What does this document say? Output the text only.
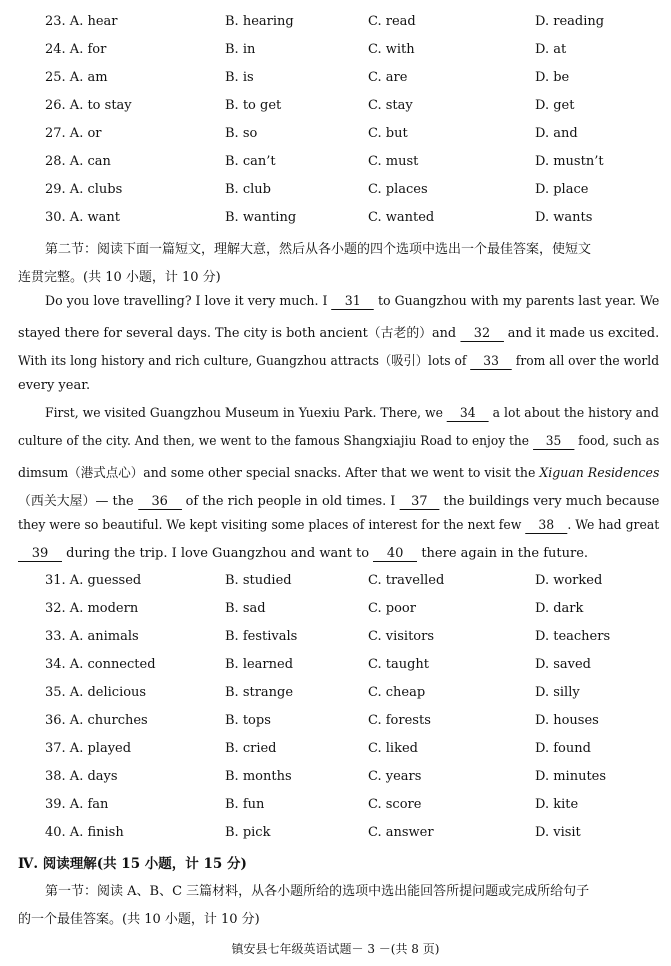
23. A. hear	B. hearing	C. read	D. reading
24. A. for	B. in	C. with	D. at
25. A. am	B. is	C. are	D. be
26. A. to stay	B. to get	C. stay	D. get
27. A. or	B. so	C. but	D. and
28. A. can	B. can’t	C. must	D. mustn’t
29. A. clubs	B. club	C. places	D. place
30. A. want	B. wanting	C. wanted	D. wants
第二节：阅读下面一篇短文，理解大意，然后从各小题的四个选项中选出一个最佳答案，使短文
连贯完整。(共 10 小题，计 10 分)
Do you love travelling? I love it very much. I 31 to Guangzhou with my parents last year. We
stayed there for several days. The city is both ancient（古老的）and 32 and it made us excited.
With its long history and rich culture, Guangzhou attracts（吸引）lots of 33 from all over the world
every year.
First, we visited Guangzhou Museum in Yuexiu Park. There, we 34 a lot about the history and
culture of the city. And then, we went to the famous Shangxiajiu Road to enjoy the 35 food, such as
dimsum（港式点心）and some other special snacks. After that we went to visit the Xiguan Residences
（西关大屋）— the 36 of the rich people in old times. I 37 the buildings very much because
they were so beautiful. We kept visiting some places of interest for the next few 38 . We had great
39 during the trip. I love Guangzhou and want to 40 there again in the future.
31. A. guessed	B. studied	C. travelled	D. worked
32. A. modern	B. sad	C. poor	D. dark
33. A. animals	B. festivals	C. visitors	D. teachers
34. A. connected	B. learned	C. taught	D. saved
35. A. delicious	B. strange	C. cheap	D. silly
36. A. churches	B. tops	C. forests	D. houses
37. A. played	B. cried	C. liked	D. found
38. A. days	B. months	C. years	D. minutes
39. A. fan	B. fun	C. score	D. kite
40. A. finish	B. pick	C. answer	D. visit
Ⅳ. 阅读理解(共 15 小题，计 15 分)
第一节：阅读 A、B、C 三篇材料，从各小题所给的选项中选出能回答所提问题或完成所给句子
的一个最佳答案。(共 10 小题，计 10 分)
镇安县七年级英语试题－ 3 －(共 8 页)
